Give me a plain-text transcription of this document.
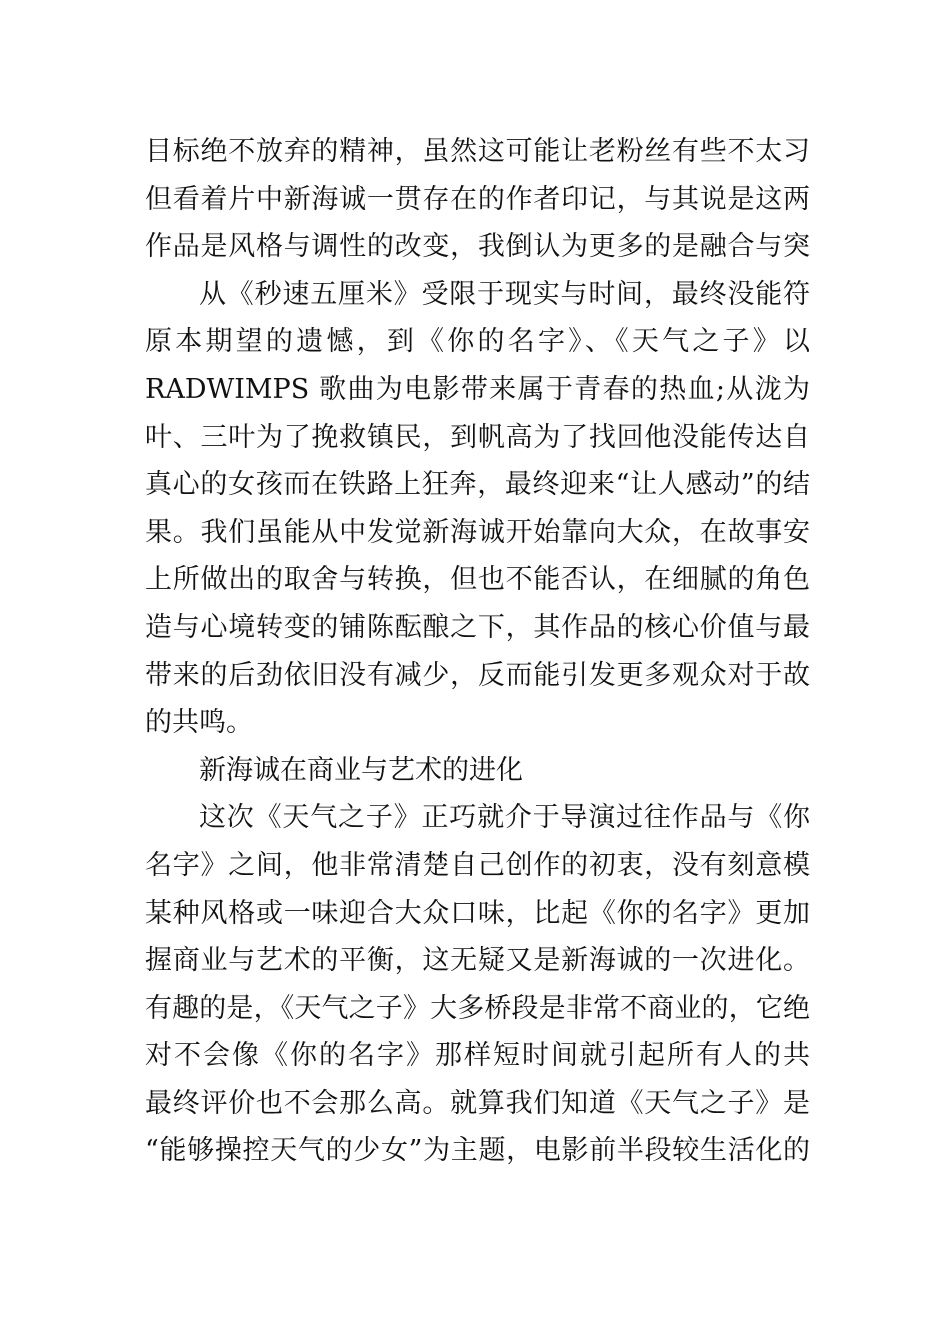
目标绝不放弃的精神，虽然这可能让老粉丝有些不太习
但看着片中新海诚一贯存在的作者印记，与其说是这两
作品是风格与调性的改变，我倒认为更多的是融合与突
从《秒速五厘米》受限于现实与时间，最终没能符
原本期望的遗憾，到《你的名字》、《天气之子》以
RADWIMPS 歌曲为电影带来属于青春的热血;从泷为
叶、三叶为了挽救镇民，到帆高为了找回他没能传达自
真心的女孩而在铁路上狂奔，最终迎来“让人感动”的结
果。我们虽能从中发觉新海诚开始靠向大众，在故事安
上所做出的取舍与转换，但也不能否认，在细腻的角色
造与心境转变的铺陈酝酿之下，其作品的核心价值与最
带来的后劲依旧没有减少，反而能引发更多观众对于故
的共鸣。
新海诚在商业与艺术的进化
这次《天气之子》正巧就介于导演过往作品与《你
名字》之间，他非常清楚自己创作的初衷，没有刻意模
某种风格或一味迎合大众口味，比起《你的名字》更加
握商业与艺术的平衡，这无疑又是新海诚的一次进化。
有趣的是，《天气之子》大多桥段是非常不商业的，它绝
对不会像《你的名字》那样短时间就引起所有人的共
最终评价也不会那么高。就算我们知道《天气之子》是
“能够操控天气的少女”为主题，电影前半段较生活化的
